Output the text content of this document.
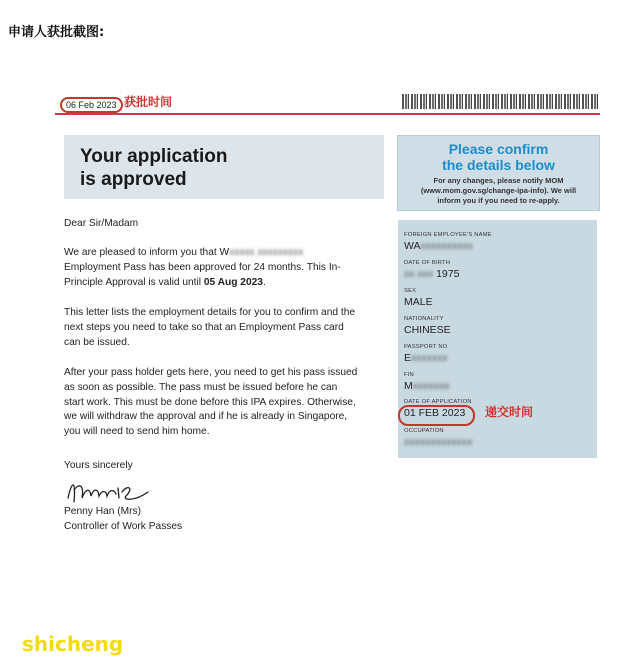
申请人获批截图:
06 Feb 2023 获批时间
Your application
is approved
Please confirm
the details below
For any changes, please notify MOM
(www.mom.gov.sg/change-ipa-info). We will
inform you if you need to re-apply.
Dear Sir/Madam
We are pleased to inform you that Wxxxxx xxxxxxxxx
Employment Pass has been approved for 24 months. This In-
Principle Approval is valid until 05 Aug 2023.
This letter lists the employment details for you to confirm and the
next steps you need to take so that an Employment Pass card
can be issued.
After your pass holder gets here, you need to get his pass issued
as soon as possible. The pass must be issued before he can
start work. This must be done before this IPA expires. Otherwise,
we will withdraw the approval and if he is already in Singapore,
you will need to send him home.
Yours sincerely
Penny Han (Mrs)
Controller of Work Passes
FOREIGN EMPLOYEE'S NAME
WAxxxxxxxxxx
DATE OF BIRTH
xx xxx 1975
SEX
MALE
NATIONALITY
CHINESE
PASSPORT NO
Exxxxxxx
FIN
Mxxxxxxx
DATE OF APPLICATION
01 FEB 2023 递交时间
OCCUPATION
xxxxxxxxxxxxx
shicheng.news
